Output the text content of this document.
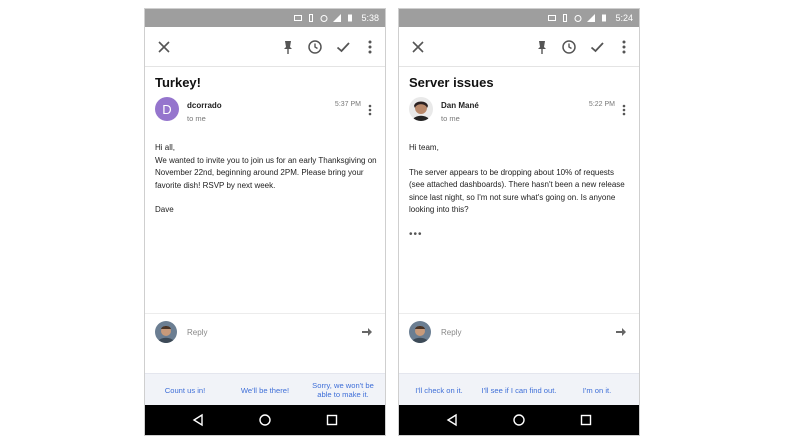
5:38
Turkey!
D dcorrado
to me
5:37 PM

Hi all,
We wanted to invite you to join us for an early Thanksgiving on November 22nd, beginning around 2PM. Please bring your favorite dish! RSVP by next week.

Dave

Reply
Count us in!	We'll be there!	Sorry, we won't be able to make it.
5:24
Server issues
Dan Mané
to me
5:22 PM

Hi team,

The server appears to be dropping about 10% of requests (see attached dashboards). There hasn't been a new release since last night, so I'm not sure what's going on. Is anyone looking into this?

•••
Reply
I'll check on it.	I'll see if I can find out.	I'm on it.
